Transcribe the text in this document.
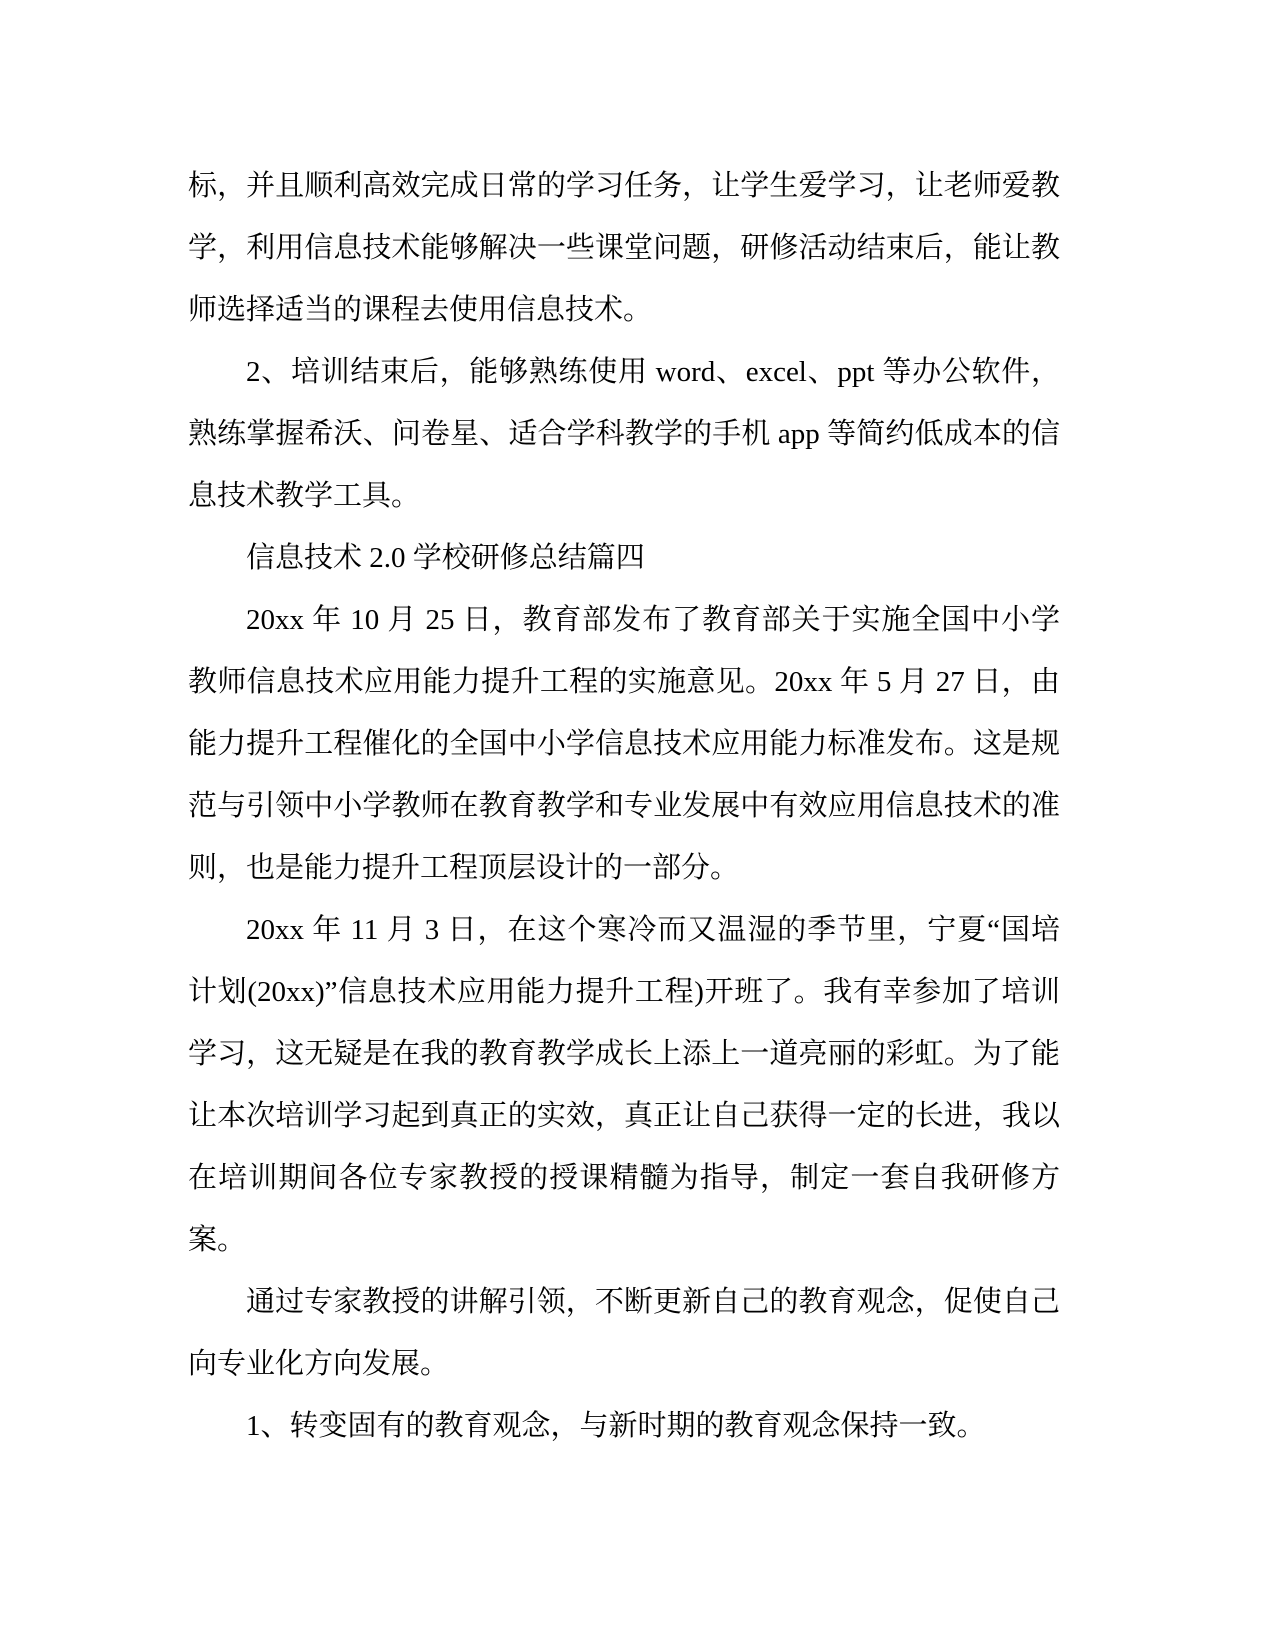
标，并且顺利高效完成日常的学习任务，让学生爱学习，让老师爱教学，利用信息技术能够解决一些课堂问题，研修活动结束后，能让教师选择适当的课程去使用信息技术。

2、培训结束后，能够熟练使用 word、excel、ppt 等办公软件，熟练掌握希沃、问卷星、适合学科教学的手机 app 等简约低成本的信息技术教学工具。

信息技术 2.0 学校研修总结篇四

20xx 年 10 月 25 日，教育部发布了教育部关于实施全国中小学教师信息技术应用能力提升工程的实施意见。20xx 年 5 月 27 日，由能力提升工程催化的全国中小学信息技术应用能力标准发布。这是规范与引领中小学教师在教育教学和专业发展中有效应用信息技术的准则，也是能力提升工程顶层设计的一部分。

20xx 年 11 月 3 日，在这个寒冷而又温湿的季节里，宁夏“国培计划(20xx)”信息技术应用能力提升工程)开班了。我有幸参加了培训学习，这无疑是在我的教育教学成长上添上一道亮丽的彩虹。为了能让本次培训学习起到真正的实效，真正让自己获得一定的长进，我以在培训期间各位专家教授的授课精髓为指导，制定一套自我研修方案。

通过专家教授的讲解引领，不断更新自己的教育观念，促使自己向专业化方向发展。

1、转变固有的教育观念，与新时期的教育观念保持一致。
